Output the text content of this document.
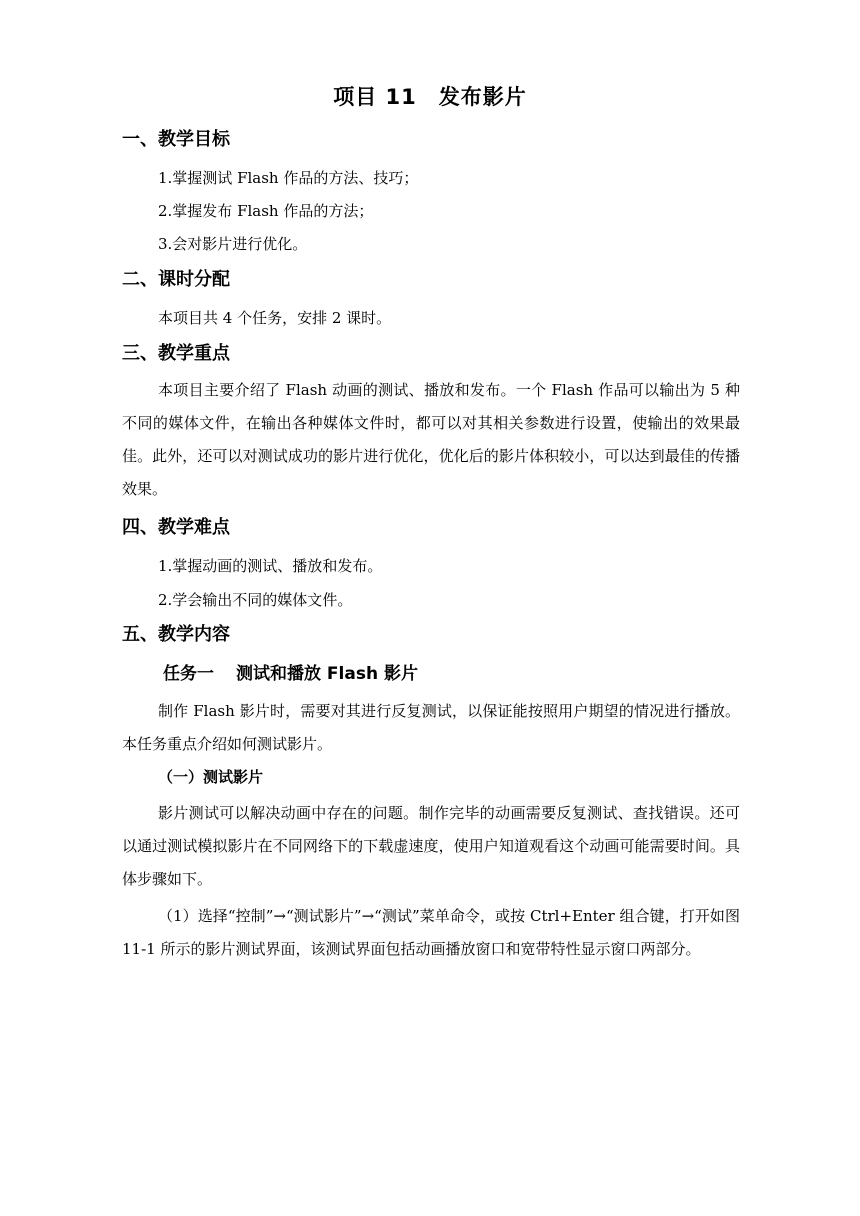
项目 11 发布影片
一、教学目标
1.掌握测试 Flash 作品的方法、技巧；
2.掌握发布 Flash 作品的方法；
3.会对影片进行优化。
二、课时分配
本项目共 4 个任务，安排 2 课时。
三、教学重点

本项目主要介绍了 Flash 动画的测试、播放和发布。一个 Flash 作品可以输出为 5 种不同的媒体文件，在输出各种媒体文件时，都可以对其相关参数进行设置，使输出的效果最佳。此外，还可以对测试成功的影片进行优化，优化后的影片体积较小，可以达到最佳的传播效果。

四、教学难点
1.掌握动画的测试、播放和发布。
2.学会输出不同的媒体文件。
五、教学内容
任务一 测试和播放 Flash 影片

制作 Flash 影片时，需要对其进行反复测试，以保证能按照用户期望的情况进行播放。本任务重点介绍如何测试影片。

（一）测试影片

影片测试可以解决动画中存在的问题。制作完毕的动画需要反复测试、查找错误。还可以通过测试模拟影片在不同网络下的下载虚速度，使用户知道观看这个动画可能需要时间。具体步骤如下。

（1）选择“控制”→“测试影片”→“测试”菜单命令，或按 Ctrl+Enter 组合键，打开如图 11-1 所示的影片测试界面，该测试界面包括动画播放窗口和宽带特性显示窗口两部分。
